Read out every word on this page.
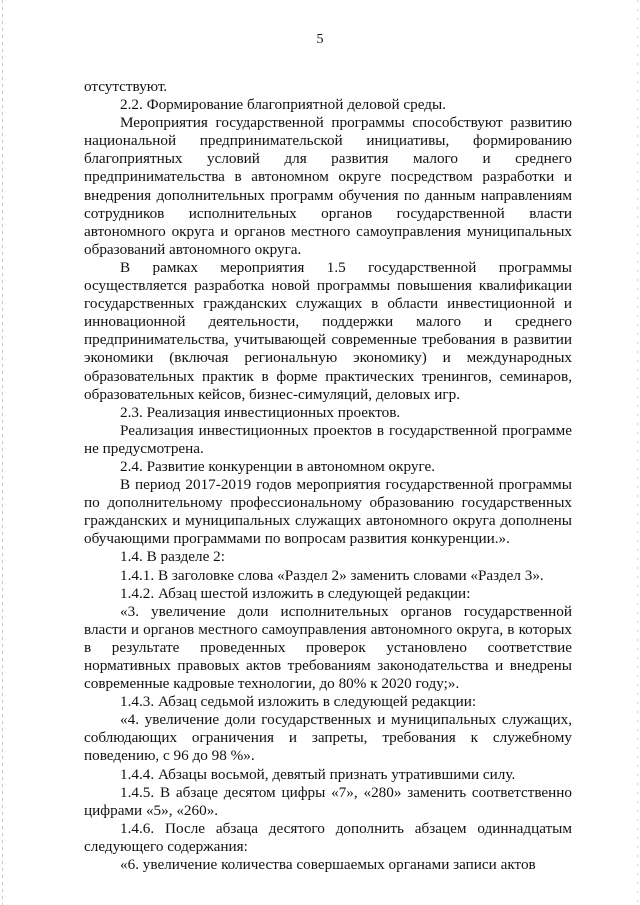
5

отсутствуют.

2.2. Формирование благоприятной деловой среды.

Мероприятия государственной программы способствуют развитию национальной предпринимательской инициативы, формированию благоприятных условий для развития малого и среднего предпринимательства в автономном округе посредством разработки и внедрения дополнительных программ обучения по данным направлениям сотрудников исполнительных органов государственной власти автономного округа и органов местного самоуправления муниципальных образований автономного округа.

В рамках мероприятия 1.5 государственной программы осуществляется разработка новой программы повышения квалификации государственных гражданских служащих в области инвестиционной и инновационной деятельности, поддержки малого и среднего предпринимательства, учитывающей современные требования в развитии экономики (включая региональную экономику) и международных образовательных практик в форме практических тренингов, семинаров, образовательных кейсов, бизнес-симуляций, деловых игр.

2.3. Реализация инвестиционных проектов.

Реализация инвестиционных проектов в государственной программе не предусмотрена.

2.4. Развитие конкуренции в автономном округе.

В период 2017-2019 годов мероприятия государственной программы по дополнительному профессиональному образованию государственных гражданских и муниципальных служащих автономного округа дополнены обучающими программами по вопросам развития конкуренции.».

1.4. В разделе 2:

1.4.1. В заголовке слова «Раздел 2» заменить словами «Раздел 3».

1.4.2. Абзац шестой изложить в следующей редакции:

«3. увеличение доли исполнительных органов государственной власти и органов местного самоуправления автономного округа, в которых в результате проведенных проверок установлено соответствие нормативных правовых актов требованиям законодательства и внедрены современные кадровые технологии, до 80% к 2020 году;».

1.4.3. Абзац седьмой изложить в следующей редакции:

«4. увеличение доли государственных и муниципальных служащих, соблюдающих ограничения и запреты, требования к служебному поведению, с 96 до 98 %».

1.4.4. Абзацы восьмой, девятый признать утратившими силу.

1.4.5. В абзаце десятом цифры «7», «280» заменить соответственно цифрами «5», «260».

1.4.6. После абзаца десятого дополнить абзацем одиннадцатым следующего содержания:

«6. увеличение количества совершаемых органами записи актов
